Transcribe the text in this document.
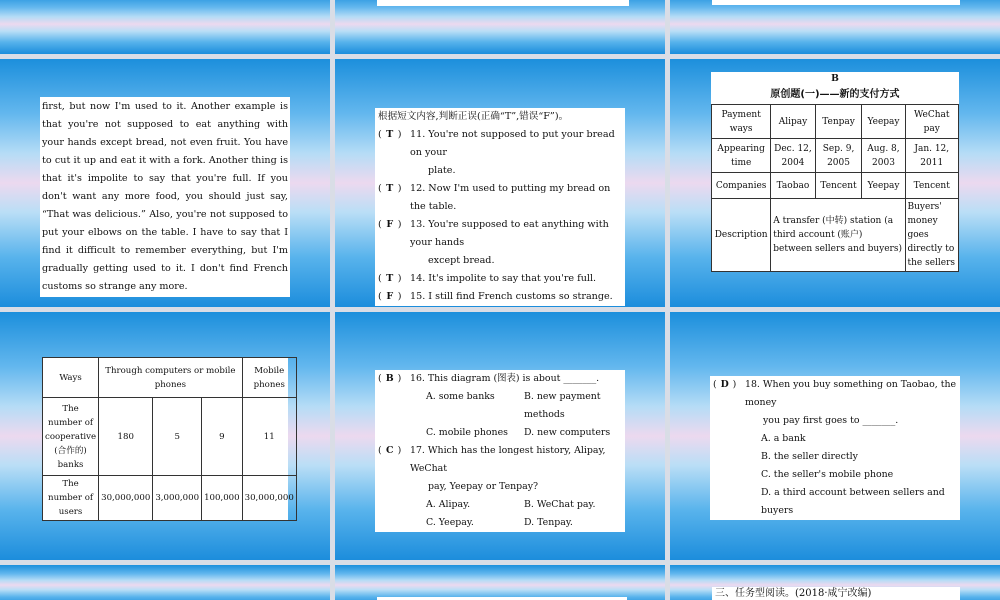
first, but now I'm used to it. Another example is that you're not supposed to eat anything with your hands except bread, not even fruit. You have to cut it up and eat it with a fork. Another thing is that it's impolite to say that you're full. If you don't want any more food, you should just say, “That was delicious.” Also, you're not supposed to put your elbows on the table. I have to say that I find it difficult to remember everything, but I'm gradually getting used to it. I don't find French customs so strange any more.

根据短文内容,判断正误(正确“T”,错误“F”)。
( T ) 11. You're not supposed to put your bread on your
plate.
( T ) 12. Now I'm used to putting my bread on the table.
( F ) 13. You're supposed to eat anything with your hands
except bread.
( T ) 14. It's impolite to say that you're full.
( F ) 15. I still find French customs so strange.
B
原创题(一)——新的支付方式
Payment ways	Alipay	Tenpay	Yeepay	WeChat pay
Appearing time	Dec. 12, 2004	Sep. 9, 2005	Aug. 8, 2003	Jan. 12, 2011
Companies	Taobao	Tencent	Yeepay	Tencent
Description	A transfer (中转) station (a third account (账户) between sellers and buyers)			Buyers' money goes directly to the sellers
Ways	Through computers or mobile phones			Mobile phones
The number of cooperative (合作的) banks	180	5	9	11
The number of users	30,000,000	3,000,000	100,000	30,000,000
( B ) 16. This diagram (图表) is about _______.
A. some banks	B. new payment methods
C. mobile phones	D. new computers
( C ) 17. Which has the longest history, Alipay, WeChat
pay, Yeepay or Tenpay?
A. Alipay.	B. WeChat pay.
C. Yeepay.	D. Tenpay.
( D ) 18. When you buy something on Taobao, the money
you pay first goes to _______.
A. a bank
B. the seller directly
C. the seller's mobile phone
D. a third account between sellers and buyers
三、任务型阅读。(2018·咸宁改编)
